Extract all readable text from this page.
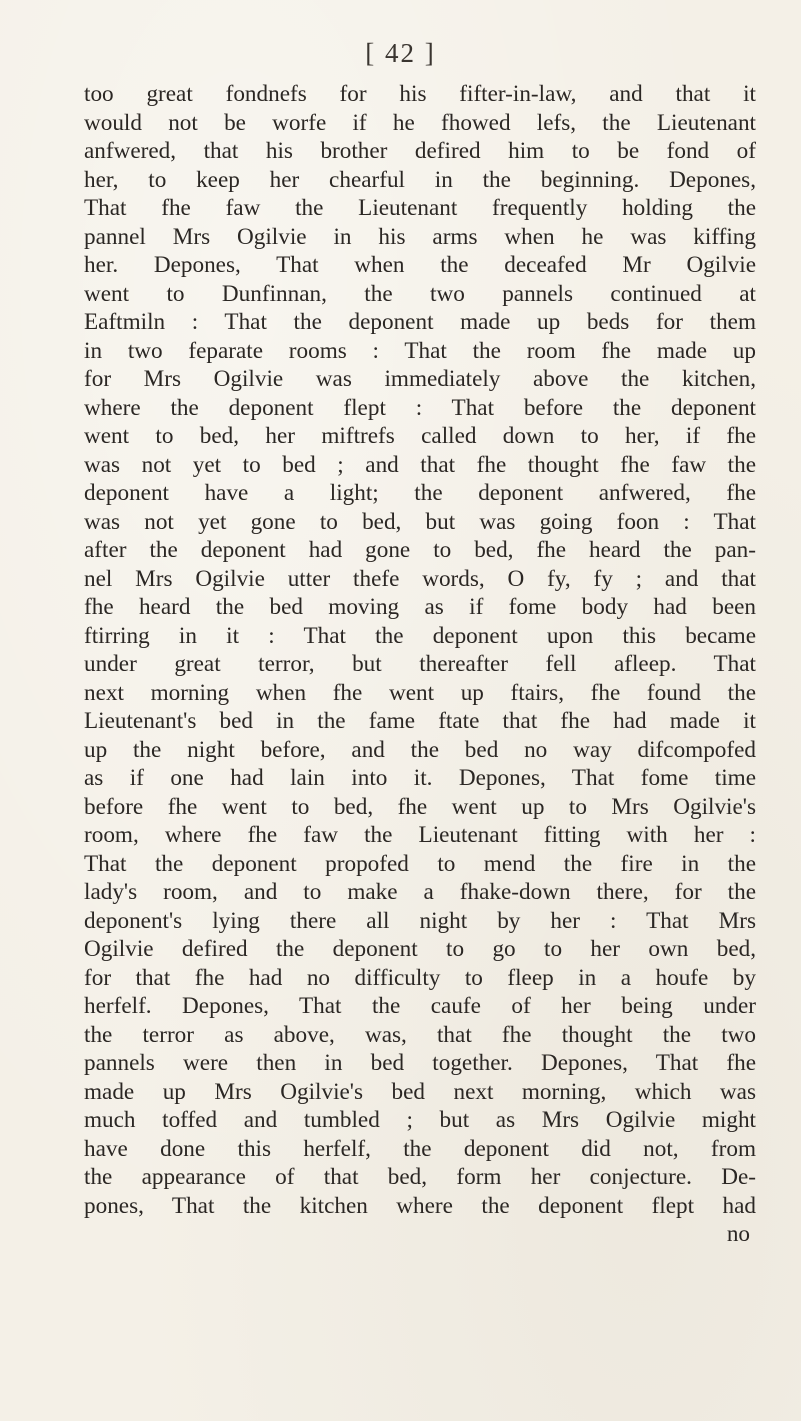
[ 42 ]
too great fondnefs for his fifter-in-law, and that it
would not be worfe if he fhowed lefs, the Lieutenant
anfwered, that his brother defired him to be fond of
her, to keep her chearful in the beginning. Depones,
That fhe faw the Lieutenant frequently holding the
pannel Mrs Ogilvie in his arms when he was kiffing
her. Depones, That when the deceafed Mr Ogilvie
went to Dunfinnan, the two pannels continued at
Eaftmiln : That the deponent made up beds for them
in two feparate rooms : That the room fhe made up
for Mrs Ogilvie was immediately above the kitchen,
where the deponent flept : That before the deponent
went to bed, her miftrefs called down to her, if fhe
was not yet to bed ; and that fhe thought fhe faw the
deponent have a light; the deponent anfwered, fhe
was not yet gone to bed, but was going foon : That
after the deponent had gone to bed, fhe heard the pan-
nel Mrs Ogilvie utter thefe words, O fy, fy ; and that
fhe heard the bed moving as if fome body had been
ftirring in it : That the deponent upon this became
under great terror, but thereafter fell afleep. That
next morning when fhe went up ftairs, fhe found the
Lieutenant's bed in the fame ftate that fhe had made it
up the night before, and the bed no way difcompofed
as if one had lain into it. Depones, That fome time
before fhe went to bed, fhe went up to Mrs Ogilvie's
room, where fhe faw the Lieutenant fitting with her :
That the deponent propofed to mend the fire in the
lady's room, and to make a fhake-down there, for the
deponent's lying there all night by her : That Mrs
Ogilvie defired the deponent to go to her own bed,
for that fhe had no difficulty to fleep in a houfe by
herfelf. Depones, That the caufe of her being under
the terror as above, was, that fhe thought the two
pannels were then in bed together. Depones, That fhe
made up Mrs Ogilvie's bed next morning, which was
much toffed and tumbled ; but as Mrs Ogilvie might
have done this herfelf, the deponent did not, from
the appearance of that bed, form her conjecture. De-
pones, That the kitchen where the deponent flept had
no
